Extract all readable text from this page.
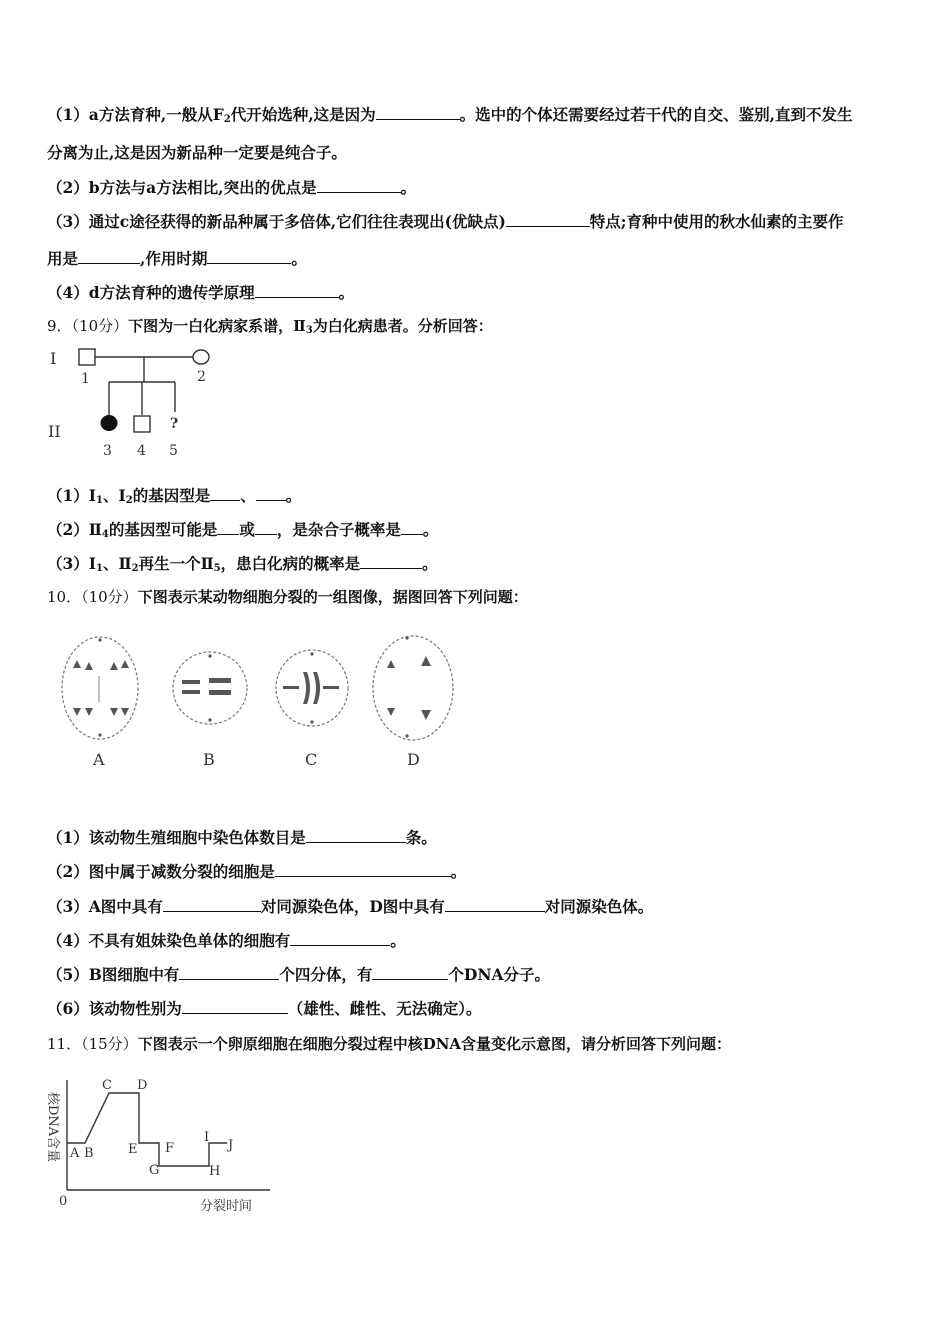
（1）a方法育种,一般从$F_2$代开始选种,这是因为	。选中的个体还需要经过若干代的自交、鉴别,直到不发生
分离为止,这是因为新品种一定要是纯合子。
（2）b方法与a方法相比,突出的优点是	。
（3）通过c途径获得的新品种属于多倍体,它们往往表现出(优缺点)	特点;育种中使用的秋水仙素的主要作
用是	,作用时期	。
（4）d方法育种的遗传学原理	。
9．（10分）下图为一白化病家系谱，$Ⅱ_3$为白化病患者。分析回答：
I
II
1	2
?
3 4 5
$(1)Ⅰ_1$、$Ⅰ_2$的基因型是 、 。
$(2)Ⅱ_4$的基因型可能是 或 ，是杂合子概率是 。
$(3)Ⅰ_1$、$Ⅱ_2$再生一个$Ⅱ_5$，患白化病的概率是	。
10．（10分）下图表示某动物细胞分裂的一组图像，据图回答下列问题：
A	B	C	D
（1）该动物生殖细胞中染色体数目是	条。
（2）图中属于减数分裂的细胞是	。
（3）A图中具有	对同源染色体，D图中具有	对同源染色体。
（4）不具有姐妹染色单体的细胞有	。
（5）B图细胞中有	个四分体，有	个DNA分子。
（6）该动物性别为	（雄性、雌性、无法确定）。
11．（15分）下图表示一个卵原细胞在细胞分裂过程中核DNA含量变化示意图，请分析回答下列问题：
核DNA含量
0	分裂时间
A B
C D
E F
G	H
I
J
